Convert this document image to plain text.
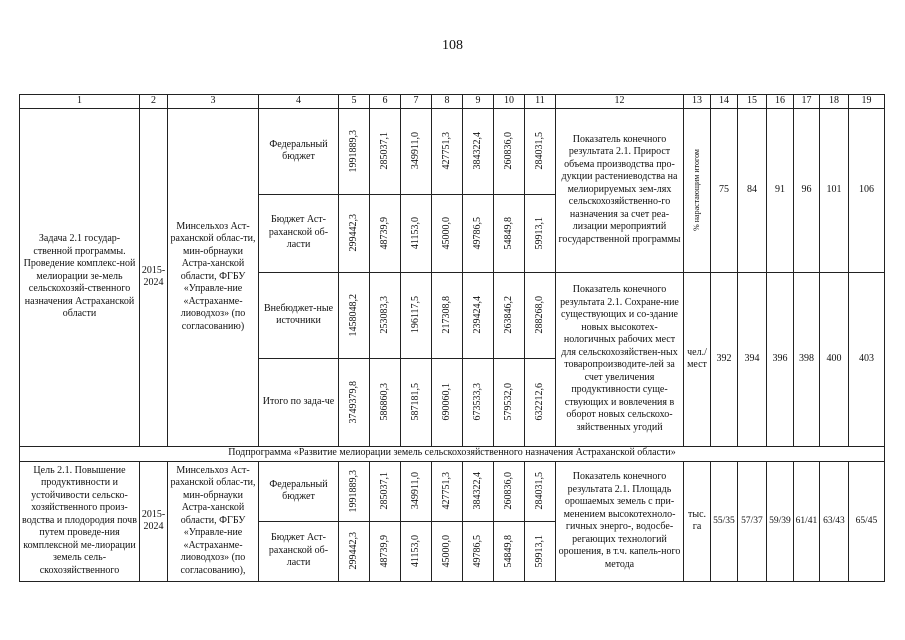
108
1	2	3	4	5	6	7	8	9	10	11	12	13	14	15	16	17	18	19
Задача 2.1 государ-ственной программы. Проведение комплекс-ной мелиорации зе-мель сельскохозяй-ственного назначения Астраханской области	2015-2024	Минсельхоз Аст-раханской облас-ти, мин-обрнауки Астра-ханской области, ФГБУ «Управле-ние «Астраханме-лиоводхоз» (по согласованию)	Федеральный бюджет	1991889,3	285037,1	349911,0	427751,3	384322,4	260836,0	284031,5	Показатель конечного результата 2.1. Прирост объема производства про-дукции растениеводства на мелиорируемых зем-лях сельскохозяйственно-го назначения за счет реа-лизации мероприятий государственной программы	% нарастающим итогом	75	84	91	96	101	106
			Бюджет Аст-раханской об-ласти	299442,3	48739,9	41153,0	45000,0	49786,5	54849,8	59913,1								

			Внебюджет-ные источники	1458048,2	253083,3	196117,5	217308,8	239424,4	263846,2	288268,0	Показатель конечного результата 2.1. Сохране-ние существующих и со-здание новых высокотех-нологичных рабочих мест для сельскохозяйствен-ных товаропроизводите-лей за счет увеличения продуктивности суще-ствующих и вовлечения в оборот новых сельскохо-зяйственных угодий	чел./мест	392	394	396	398	400	403
			Итого по зада-че	3749379,8	586860,3	587181,5	690060,1	673533,3	579532,0	632212,6								

Подпрограмма «Развитие мелиорации земель сельскохозяйственного назначения Астраханской области»																		
Цель 2.1. Повышение продуктивности и устойчивости сельско-хозяйственного произ-водства и плодородия почв путем проведе-ния комплексной ме-лиорации земель сель-скохозяйственного	2015-2024	Минсельхоз Аст-раханской облас-ти, мин-обрнауки Астра-ханской области, ФГБУ «Управле-ние «Астраханме-лиоводхоз» (по согласованию),	Федеральный бюджет	1991889,3	285037,1	349911,0	427751,3	384322,4	260836,0	284031,5	Показатель конечного результата 2.1. Площадь орошаемых земель с при-менением высокотехноло-гичных энерго-, водосбе-регающих технологий орошения, в т.ч. капель-ного метода	тыс. га	55/35	57/37	59/39	61/41	63/43	65/45
			Бюджет Аст-раханской об-ласти	299442,3	48739,9	41153,0	45000,0	49786,5	54849,8	59913,1								
